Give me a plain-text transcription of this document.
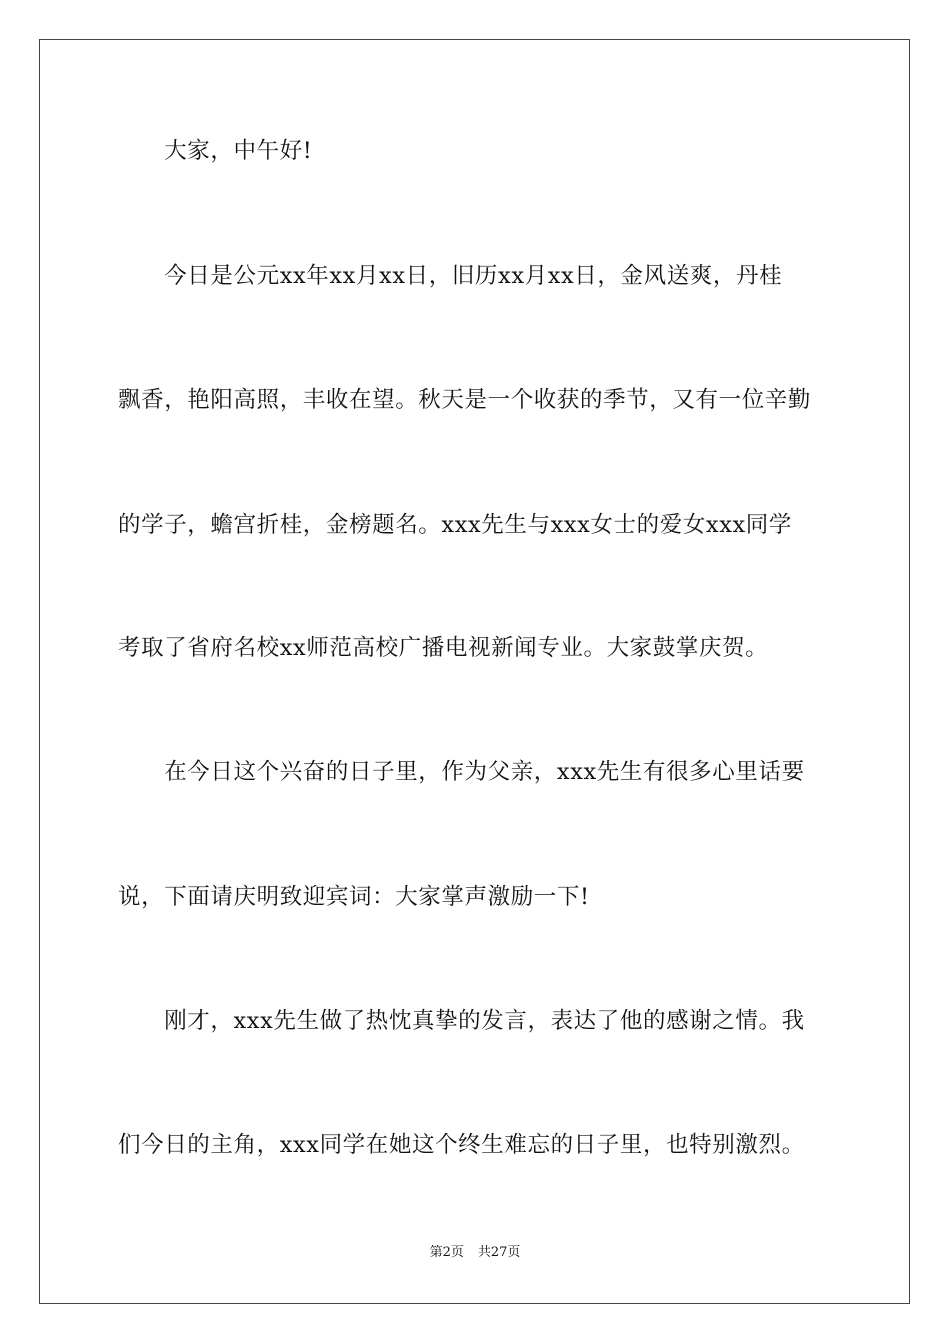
　　大家，中午好!
　　今日是公元xx年xx月xx日，旧历xx月xx日，金风送爽，丹桂
飘香，艳阳高照，丰收在望。秋天是一个收获的季节，又有一位辛勤
的学子，蟾宫折桂，金榜题名。xxx先生与xxx女士的爱女xxx同学
考取了省府名校xx师范高校广播电视新闻专业。大家鼓掌庆贺。
　　在今日这个兴奋的日子里，作为父亲，xxx先生有很多心里话要
说，下面请庆明致迎宾词：大家掌声激励一下!
　　刚才，xxx先生做了热忱真挚的发言，表达了他的感谢之情。我
们今日的主角，xxx同学在她这个终生难忘的日子里，也特别激烈。
第2页 共27页
